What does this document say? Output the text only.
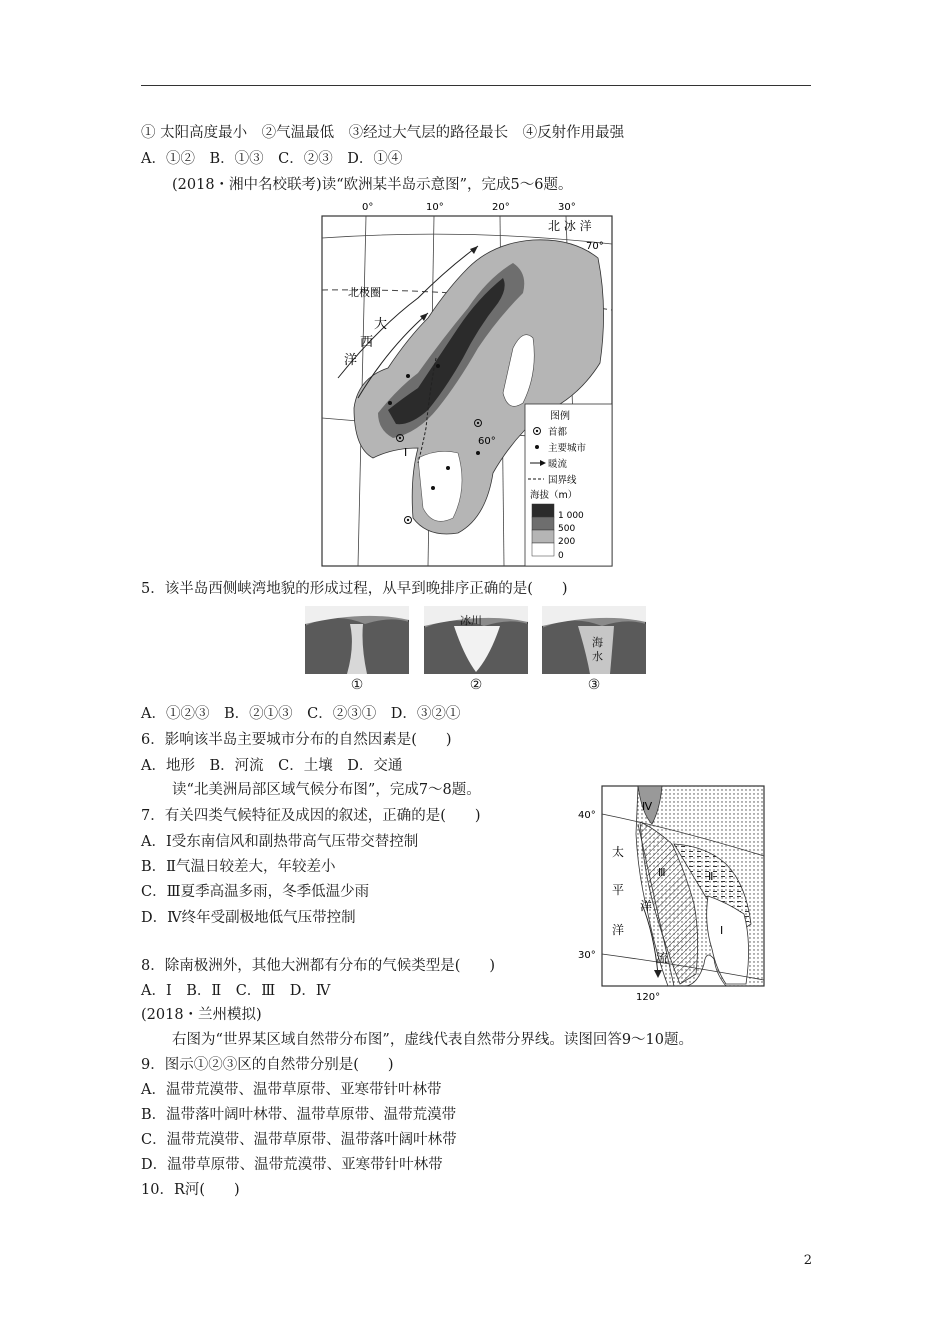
① 太阳高度最小　②气温最低　③经过大气层的路径最长　④反射作用最强
A．①②　B．①③　C．②③　D．①④
(2018・湘中名校联考)读“欧洲某半岛示意图”，完成5～6题。
0°	10°	20°	30°
70°
60°
北 冰 洋
北极圈
大
西
洋
Ⅰ
图例
首都
主要城市
暖流
国界线
海拔（m）
1 000
500
200
0
5．该半岛西侧峡湾地貌的形成过程，从早到晚排序正确的是(　　)
冰川
海
水
①	②	③
A．①②③　B．②①③　C．②③①　D．③②①
6．影响该半岛主要城市分布的自然因素是(　　)
A．地形　B．河流　C．土壤　D．交通
读“北美洲局部区域气候分布图”，完成7～8题。
7．有关四类气候特征及成因的叙述，正确的是(　　)
A．Ⅰ受东南信风和副热带高气压带交替控制
B．Ⅱ气温日较差大，年较差小
C．Ⅲ夏季高温多雨，冬季低温少雨
D．Ⅳ终年受副极地低气压带控制
40°
30°
120°
太
平
洋
洋
流
Ⅰ
Ⅱ
Ⅲ
Ⅳ
8．除南极洲外，其他大洲都有分布的气候类型是(　　)
A．Ⅰ　B．Ⅱ　C．Ⅲ　D．Ⅳ
(2018・兰州模拟)
右图为“世界某区域自然带分布图”，虚线代表自然带分界线。读图回答9～10题。
9．图示①②③区的自然带分别是(　　)
A．温带荒漠带、温带草原带、亚寒带针叶林带
B．温带落叶阔叶林带、温带草原带、温带荒漠带
C．温带荒漠带、温带草原带、温带落叶阔叶林带
D．温带草原带、温带荒漠带、亚寒带针叶林带
10．R河(　　)
2
